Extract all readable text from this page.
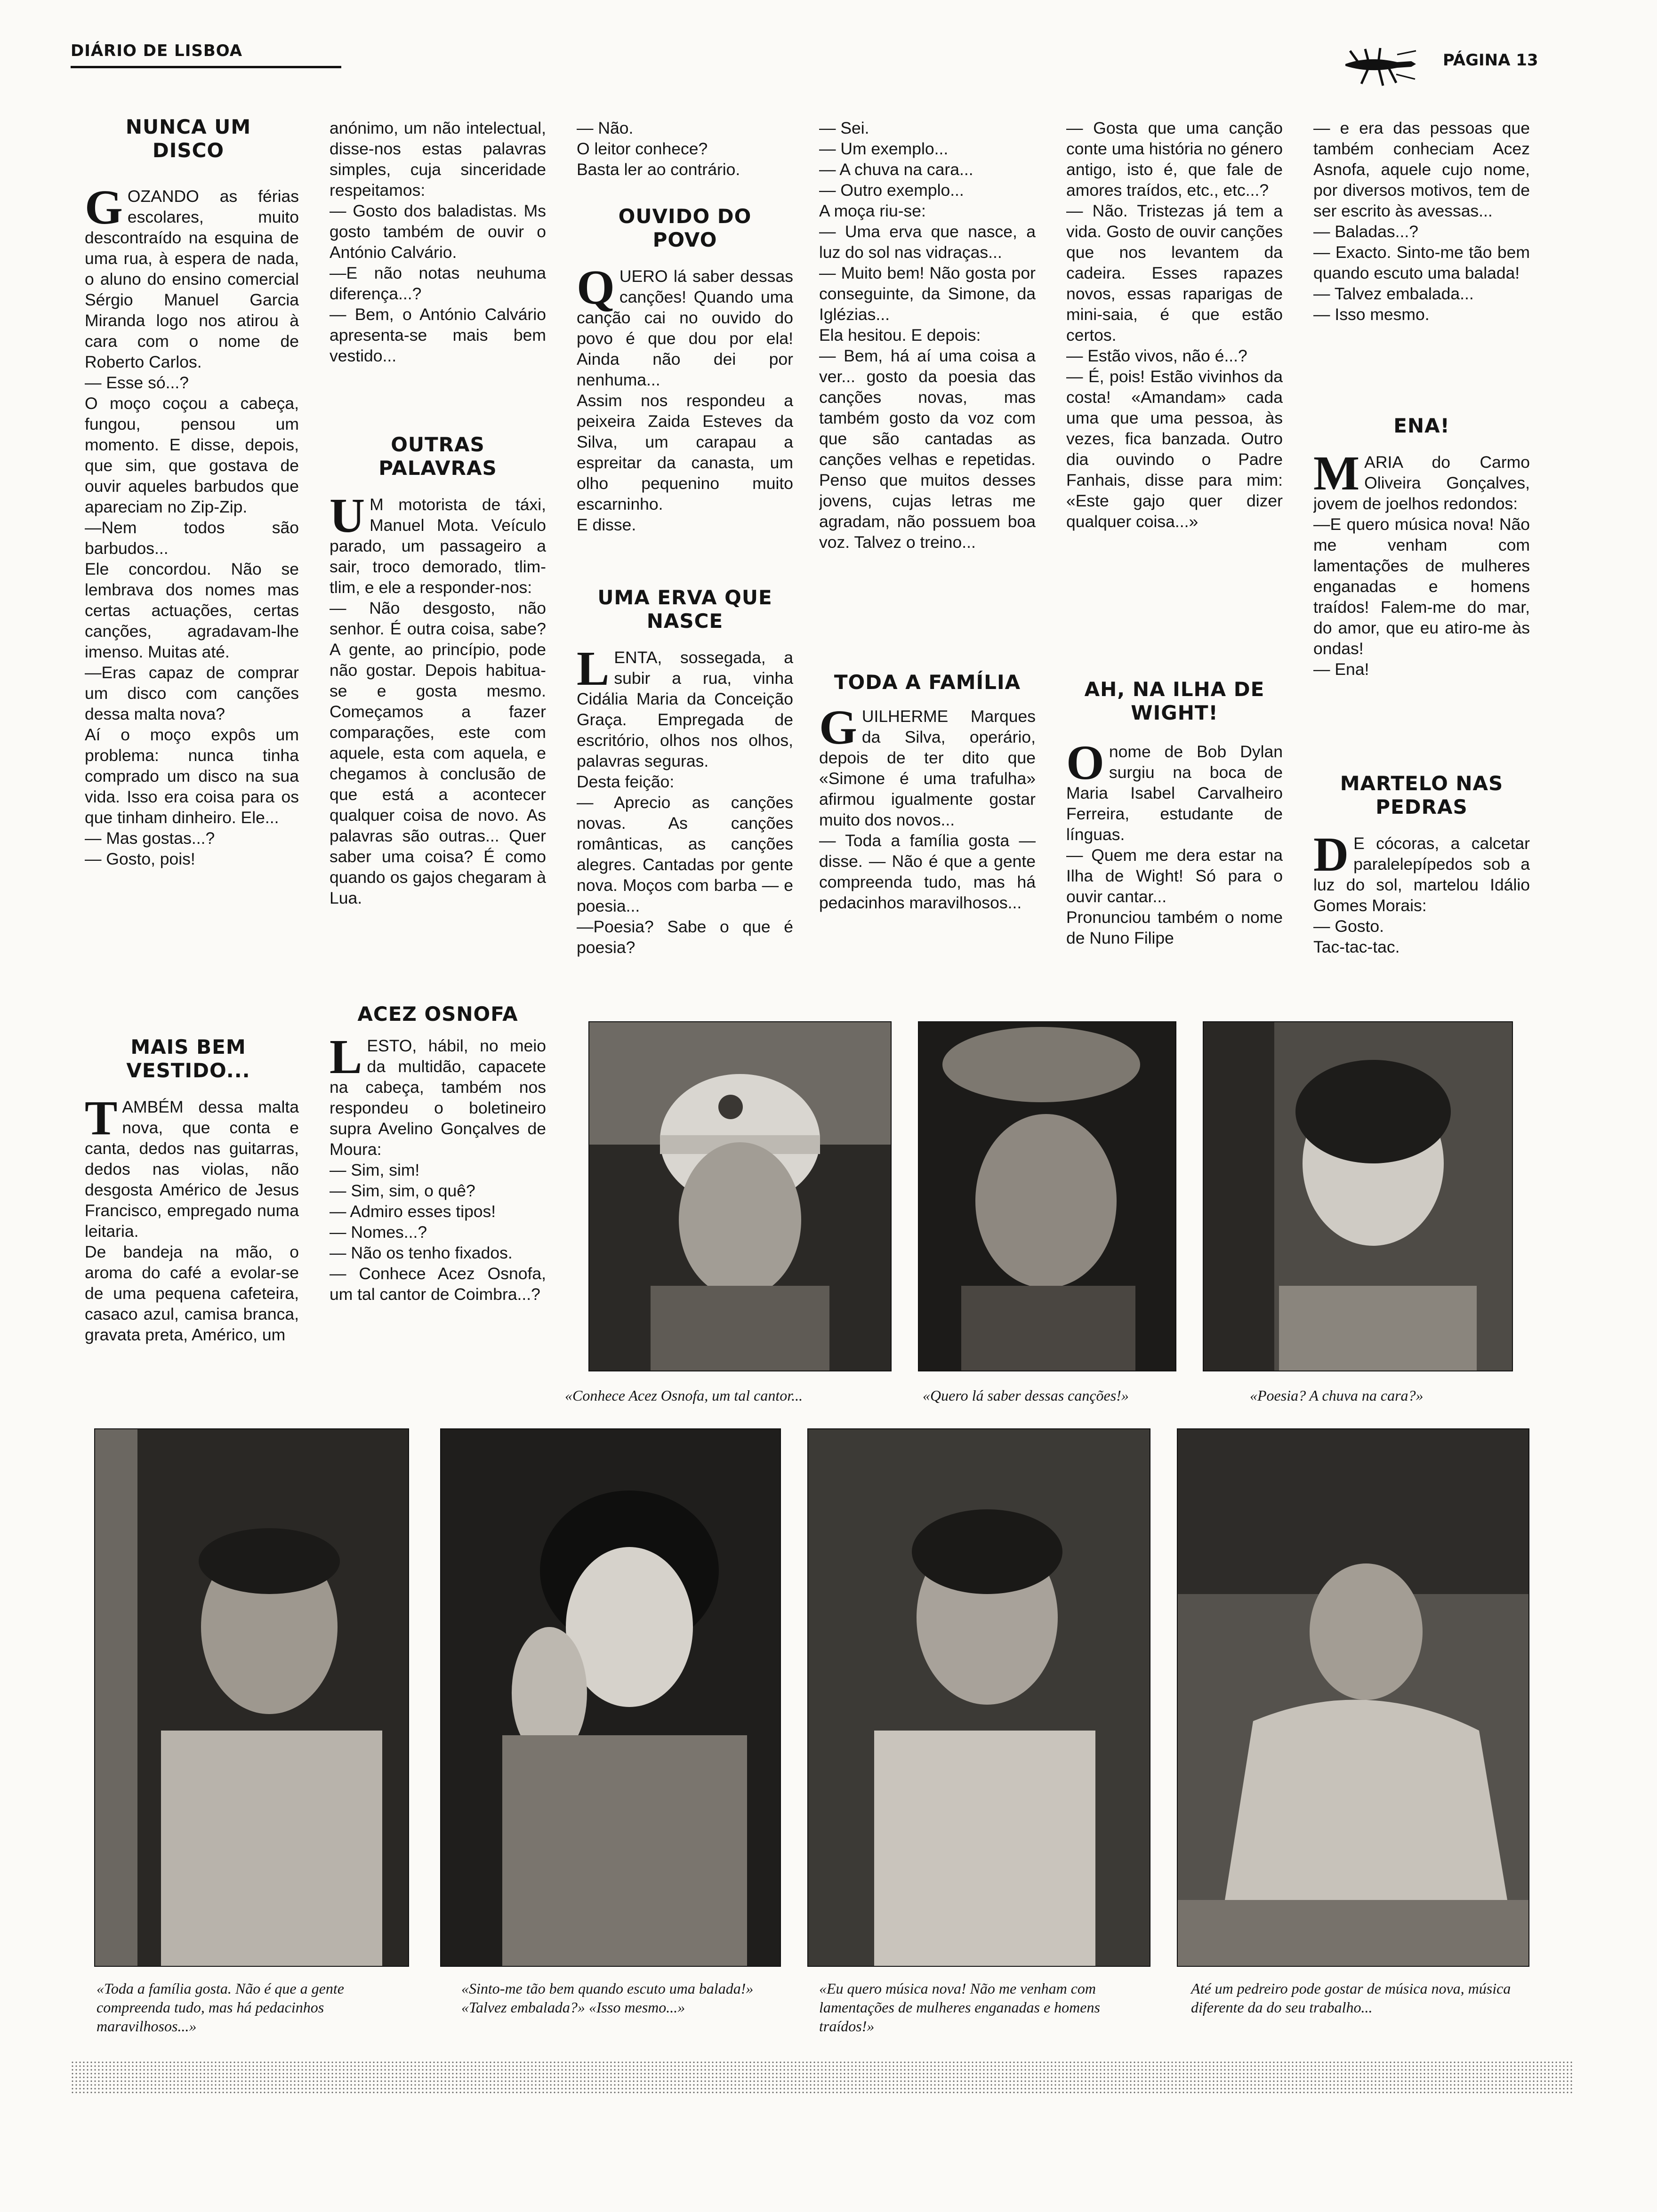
DIÁRIO DE LISBOA	PÁGINA 13
NUNCA UM DISCO

GOZANDO as férias escolares, muito descontraído na esquina de uma rua, à espera de nada, o aluno do ensino comercial Sérgio Manuel Garcia Miranda logo nos atirou à cara com o nome de Roberto Carlos.

— Esse só...?

O moço coçou a cabeça, fungou, pensou um momento. E disse, depois, que sim, que gostava de ouvir aqueles barbudos que apareciam no Zip-Zip.

—Nem todos são barbudos...

Ele concordou. Não se lembrava dos nomes mas certas actuações, certas canções, agradavam-lhe imenso. Muitas até.

—Eras capaz de comprar um disco com canções dessa malta nova?

Aí o moço expôs um problema: nunca tinha comprado um disco na sua vida. Isso era coisa para os que tinham dinheiro. Ele...

— Mas gostas...?

— Gosto, pois!

MAIS BEM VESTIDO...

TAMBÉM dessa malta nova, que conta e canta, dedos nas guitarras, dedos nas violas, não desgosta Américo de Jesus Francisco, empregado numa leitaria.

De bandeja na mão, o aroma do café a evolar-se de uma pequena cafeteira, casaco azul, camisa branca, gravata preta, Américo, um

anónimo, um não intelectual, disse-nos estas palavras simples, cuja sinceridade respeitamos:

— Gosto dos baladistas. Ms gosto também de ouvir o António Calvário.

—E não notas neuhuma diferença...?

— Bem, o António Calvário apresenta-se mais bem vestido...

OUTRAS PALAVRAS

U M motorista de táxi, Manuel Mota. Veículo parado, um passageiro a sair, troco demorado, tlim-tlim, e ele a responder-nos:

— Não desgosto, não senhor. É outra coisa, sabe? A gente, ao princípio, pode não gostar. Depois habitua-se e gosta mesmo. Começamos a fazer comparações, este com aquele, esta com aquela, e chegamos à conclusão de que está a acontecer qualquer coisa de novo. As palavras são outras... Quer saber uma coisa? É como quando os gajos chegaram à Lua.

ACEZ OSNOFA

LESTO, hábil, no meio da multidão, capacete na cabeça, também nos respondeu o boletineiro supra Avelino Gonçalves de Moura:

— Sim, sim!

— Sim, sim, o quê?

— Admiro esses tipos!

— Nomes...?

— Não os tenho fixados.

— Conhece Acez Osnofa, um tal cantor de Coimbra...?

— Não.

O leitor conhece?

Basta ler ao contrário.

OUVIDO DO POVO

QUERO lá saber dessas canções! Quando uma canção cai no ouvido do povo é que dou por ela! Ainda não dei por nenhuma...

Assim nos respondeu a peixeira Zaida Esteves da Silva, um carapau a espreitar da canasta, um olho pequenino muito escarninho.

E disse.

UMA ERVA QUE NASCE

LENTA, sossegada, a subir a rua, vinha Cidália Maria da Conceição Graça. Empregada de escritório, olhos nos olhos, palavras seguras.

Desta feição:

— Aprecio as canções novas. As canções românticas, as canções alegres. Cantadas por gente nova. Moços com barba — e poesia...

—Poesia? Sabe o que é poesia?

— Sei.

— Um exemplo...

— A chuva na cara...

— Outro exemplo...

A moça riu-se:

— Uma erva que nasce, a luz do sol nas vidraças...

— Muito bem! Não gosta por conseguinte, da Simone, da Iglézias...

Ela hesitou. E depois:

— Bem, há aí uma coisa a ver... gosto da poesia das canções novas, mas também gosto da voz com que são cantadas as canções velhas e repetidas. Penso que muitos desses jovens, cujas letras me agradam, não possuem boa voz. Talvez o treino...

TODA A FAMÍLIA

GUILHERME Marques da Silva, operário, depois de ter dito que «Simone é uma trafulha» afirmou igualmente gostar muito dos novos...

— Toda a família gosta — disse. — Não é que a gente compreenda tudo, mas há pedacinhos maravilhosos...

— Gosta que uma canção conte uma história no género antigo, isto é, que fale de amores traídos, etc., etc...?

— Não. Tristezas já tem a vida. Gosto de ouvir canções que nos levantem da cadeira. Esses rapazes novos, essas raparigas de mini-saia, é que estão certos.

— Estão vivos, não é...?

— É, pois! Estão vivinhos da costa! «Amandam» cada uma que uma pessoa, às vezes, fica banzada. Outro dia ouvindo o Padre Fanhais, disse para mim: «Este gajo quer dizer qualquer coisa...»

AH, NA ILHA DE WIGHT!

Onome de Bob Dylan surgiu na boca de Maria Isabel Carvalheiro Ferreira, estudante de línguas.

— Quem me dera estar na Ilha de Wight! Só para o ouvir cantar...

Pronunciou também o nome de Nuno Filipe

— e era das pessoas que também conheciam Acez Asnofa, aquele cujo nome, por diversos motivos, tem de ser escrito às avessas...

— Baladas...?

— Exacto. Sinto-me tão bem quando escuto uma balada!

— Talvez embalada...

— Isso mesmo.

ENA!

MARIA do Carmo Oliveira Gonçalves, jovem de joelhos redondos:

—E quero música nova! Não me venham com lamentações de mulheres enganadas e homens traídos! Falem-me do mar, do amor, que eu atiro-me às ondas!

— Ena!

MARTELO NAS PEDRAS

D E cócoras, a calcetar paralelepípedos sob a luz do sol, martelou Idálio Gomes Morais:

— Gosto.

Tac-tac-tac.

«Conhece Acez Osnofa, um tal cantor...	«Quero lá saber dessas canções!»	«Poesia? A chuva na cara?»

«Toda a família gosta. Não é que a gente compreenda tudo, mas há pedacinhos maravilhosos...»

«Sinto-me tão bem quando escuto uma balada!» «Talvez embalada?» «Isso mesmo...»

«Eu quero música nova! Não me venham com lamentações de mulheres enganadas e homens traídos!»

Até um pedreiro pode gostar de música nova, música diferente da do seu trabalho...
